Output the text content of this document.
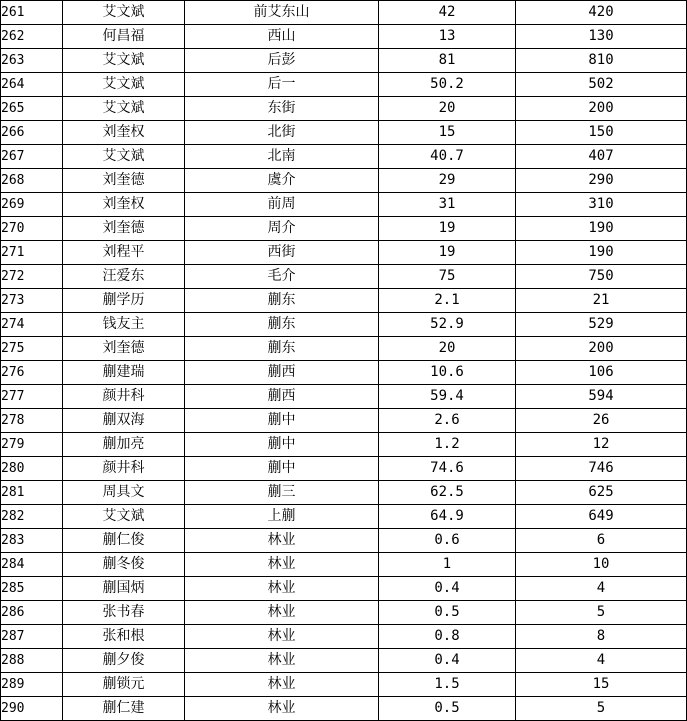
261	艾文斌	前艾东山	42	420
262	何昌福	西山	13	130
263	艾文斌	后彭	81	810
264	艾文斌	后一	50.2	502
265	艾文斌	东街	20	200
266	刘奎权	北街	15	150
267	艾文斌	北南	40.7	407
268	刘奎德	虞介	29	290
269	刘奎权	前周	31	310
270	刘奎德	周介	19	190
271	刘程平	西街	19	190
272	汪爱东	毛介	75	750
273	蒯学历	蒯东	2.1	21
274	钱友主	蒯东	52.9	529
275	刘奎德	蒯东	20	200
276	蒯建瑞	蒯西	10.6	106
277	颜井科	蒯西	59.4	594
278	蒯双海	蒯中	2.6	26
279	蒯加亮	蒯中	1.2	12
280	颜井科	蒯中	74.6	746
281	周具文	蒯三	62.5	625
282	艾文斌	上蒯	64.9	649
283	蒯仁俊	林业	0.6	6
284	蒯冬俊	林业	1	10
285	蒯国炳	林业	0.4	4
286	张书春	林业	0.5	5
287	张和根	林业	0.8	8
288	蒯夕俊	林业	0.4	4
289	蒯锁元	林业	1.5	15
290	蒯仁建	林业	0.5	5
